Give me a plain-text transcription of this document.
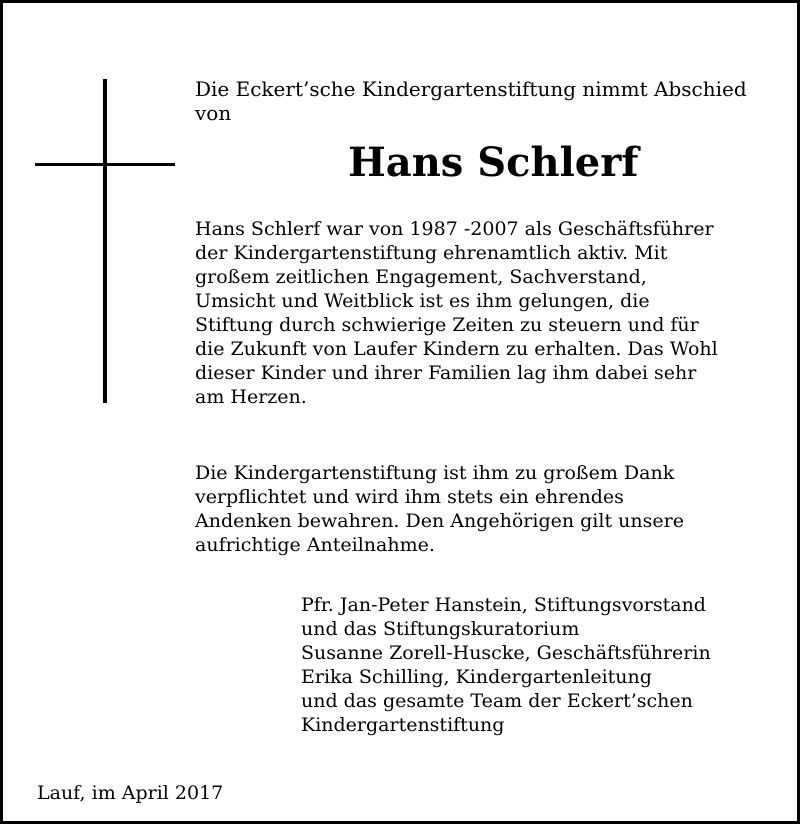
Die Eckert’sche Kindergartenstiftung nimmt Abschied
von
Hans Schlerf
Hans Schlerf war von 1987 -2007 als Geschäftsführer
der Kindergartenstiftung ehrenamtlich aktiv. Mit
großem zeitlichen Engagement, Sachverstand,
Umsicht und Weitblick ist es ihm gelungen, die
Stiftung durch schwierige Zeiten zu steuern und für
die Zukunft von Laufer Kindern zu erhalten. Das Wohl
dieser Kinder und ihrer Familien lag ihm dabei sehr
am Herzen.
Die Kindergartenstiftung ist ihm zu großem Dank
verpflichtet und wird ihm stets ein ehrendes
Andenken bewahren. Den Angehörigen gilt unsere
aufrichtige Anteilnahme.
Pfr. Jan-Peter Hanstein, Stiftungsvorstand
und das Stiftungskuratorium
Susanne Zorell-Huscke, Geschäftsführerin
Erika Schilling, Kindergartenleitung
und das gesamte Team der Eckert’schen
Kindergartenstiftung
Lauf, im April 2017
